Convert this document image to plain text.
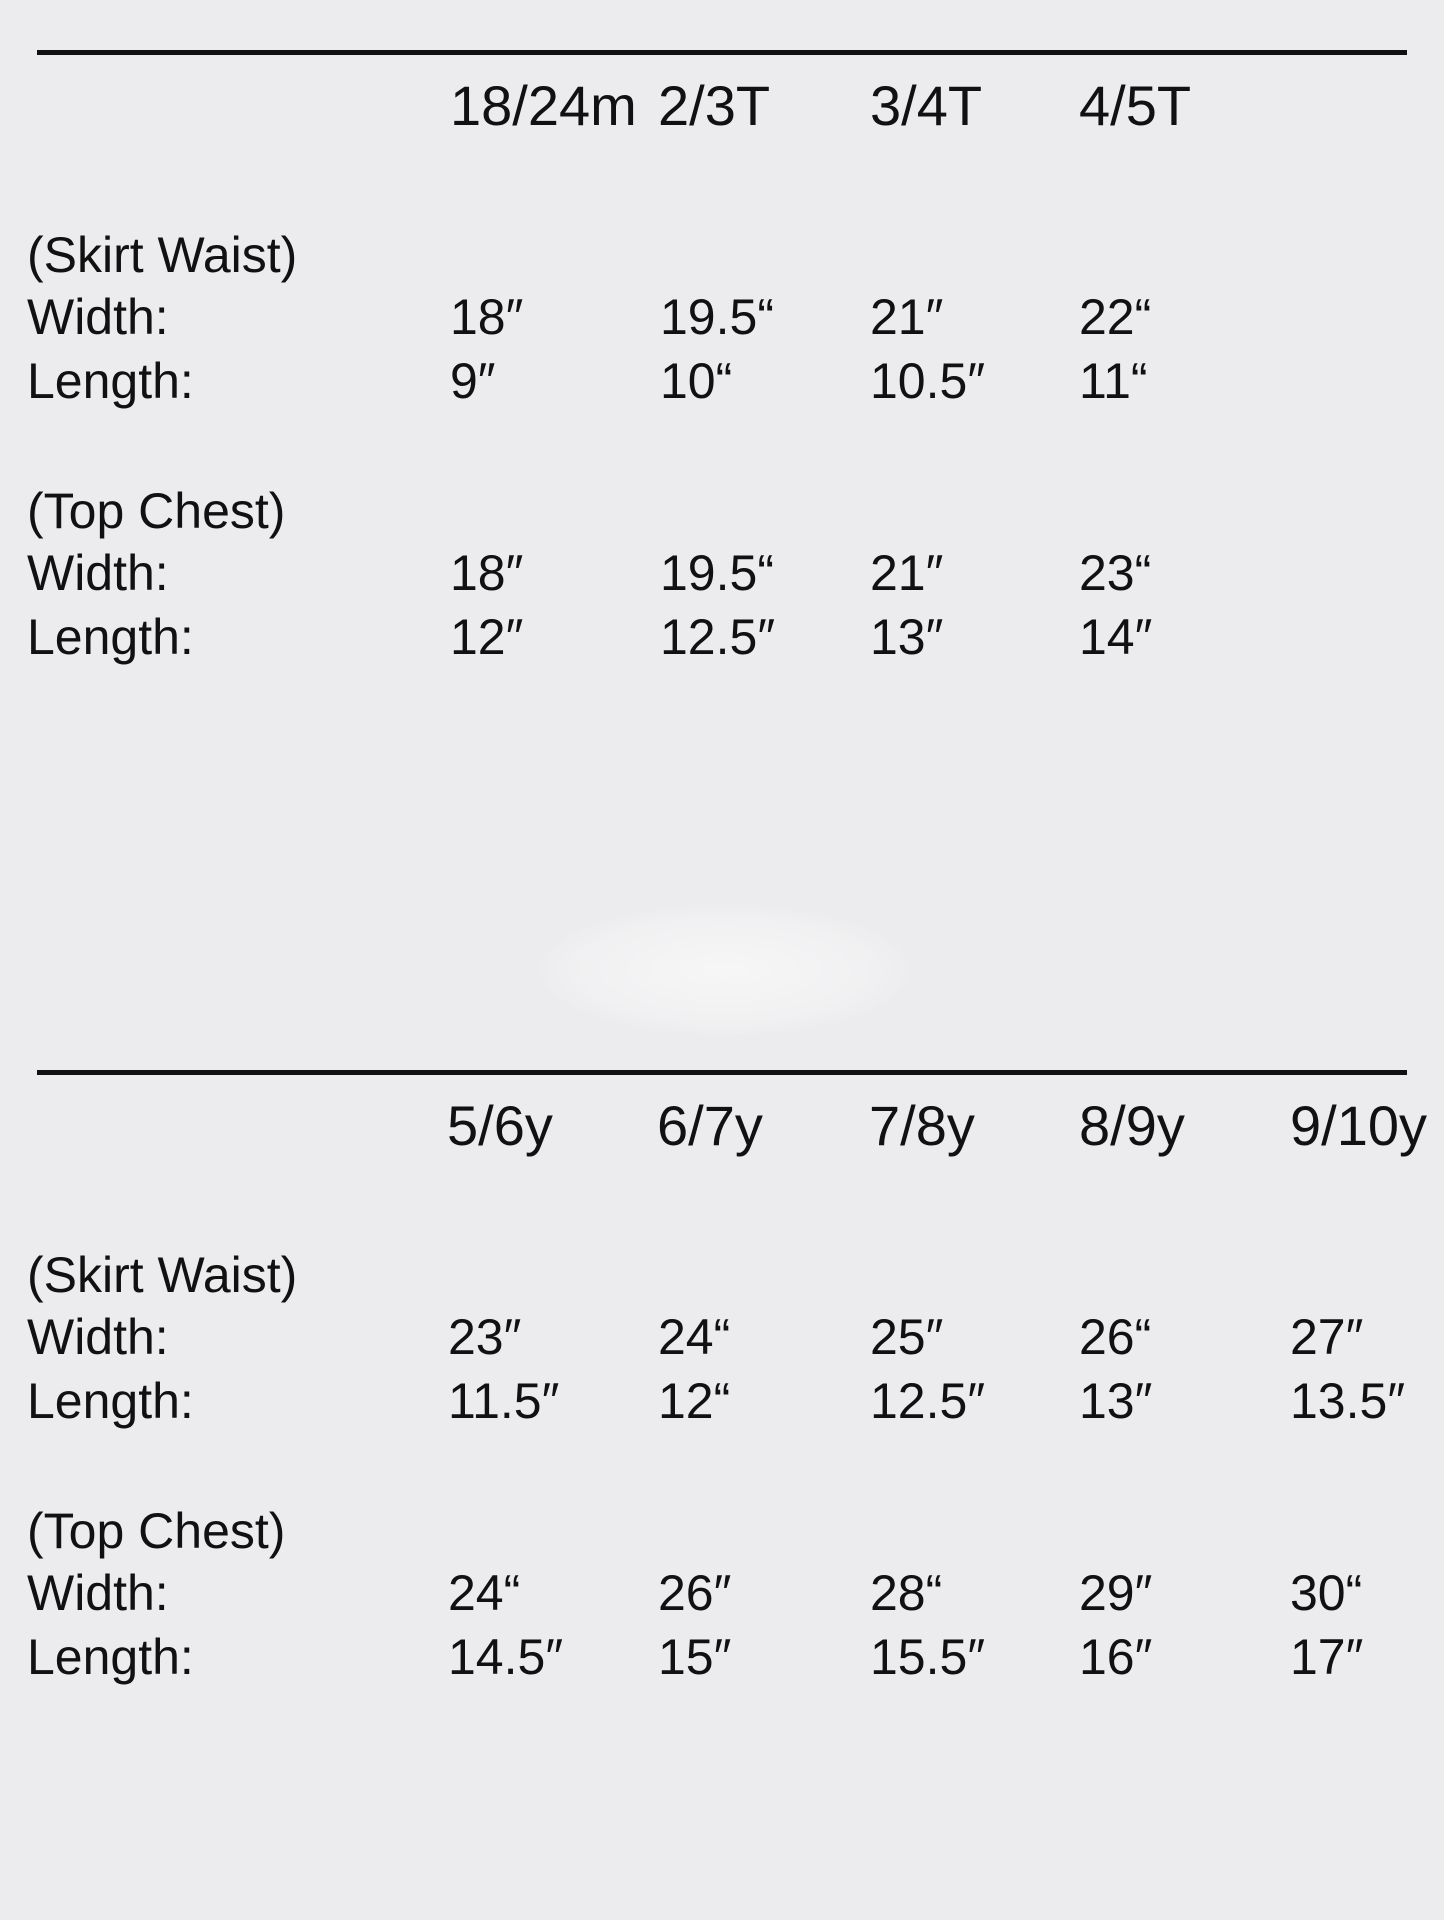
18/24m 2/3T 3/4T 4/5T
(Skirt Waist)
Width:	18″	19.5“ 21″	22“
Length:	9″	10“	10.5″ 11“
(Top Chest)
Width:	18″	19.5“ 21″	23“
Length:	12″	12.5″ 13″	14″
5/6y 6/7y 7/8y 8/9y 9/10y
(Skirt Waist)
Width:	23″	24“	25″	26“	27″
Length:	11.5″ 12“	12.5″ 13″	13.5″
(Top Chest)
Width:	24“	26″	28“	29″	30“
Length:	14.5″ 15″	15.5″ 16″	17″
